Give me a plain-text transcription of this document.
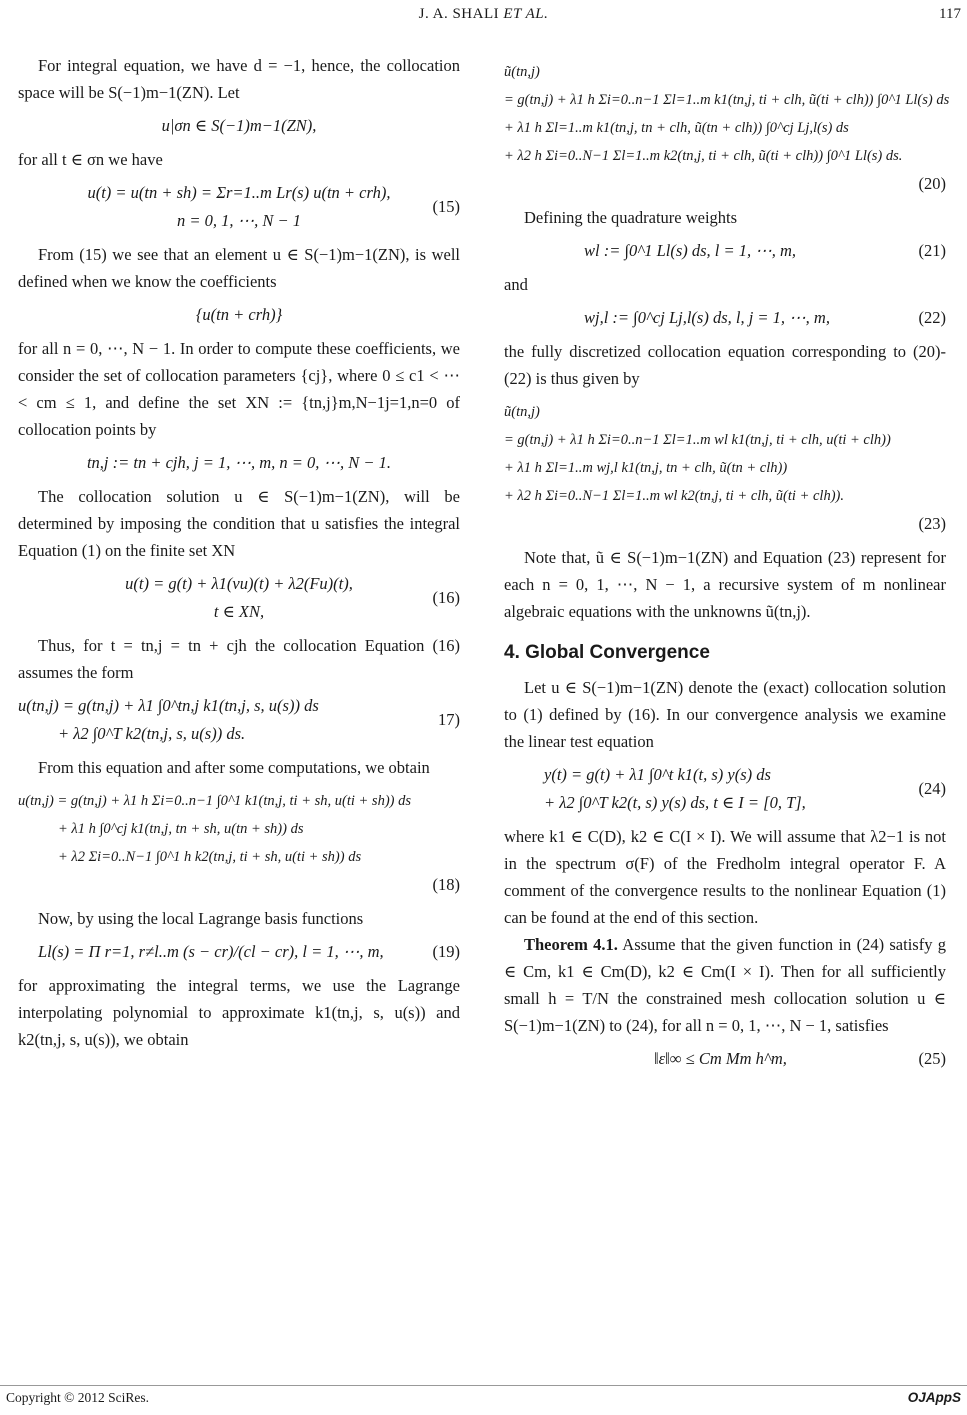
J. A. SHALI ET AL.	117

For integral equation, we have d = −1, hence, the collocation space will be S(−1)m−1(ZN). Let

u|σn ∈ S(−1)m−1(ZN),

for all t ∈ σn we have

u(t) = u(tn + sh) = Σr=1..m Lr(s) u(tn + crh),
n = 0, 1, ⋯, N − 1
(15)

From (15) we see that an element u ∈ S(−1)m−1(ZN), is well defined when we know the coefficients

{u(tn + crh)}

for all n = 0, ⋯, N − 1. In order to compute these coefficients, we consider the set of collocation parameters {cj}, where 0 ≤ c1 < ⋯ < cm ≤ 1, and define the set XN := {tn,j}m,N−1j=1,n=0 of collocation points by

tn,j := tn + cjh, j = 1, ⋯, m, n = 0, ⋯, N − 1.

The collocation solution u ∈ S(−1)m−1(ZN), will be determined by imposing the condition that u satisfies the integral Equation (1) on the finite set XN

u(t) = g(t) + λ1(νu)(t) + λ2(Fu)(t),
t ∈ XN,
(16)

Thus, for t = tn,j = tn + cjh the collocation Equation (16) assumes the form

u(tn,j) = g(tn,j) + λ1 ∫0^tn,j k1(tn,j, s, u(s)) ds
+ λ2 ∫0^T k2(tn,j, s, u(s)) ds.
17)

From this equation and after some computations, we obtain

u(tn,j) = g(tn,j) + λ1 h Σi=0..n−1 ∫0^1 k1(tn,j, ti + sh, u(ti + sh)) ds
+ λ1 h ∫0^cj k1(tn,j, tn + sh, u(tn + sh)) ds
+ λ2 Σi=0..N−1 ∫0^1 h k2(tn,j, ti + sh, u(ti + sh)) ds
(18)

Now, by using the local Lagrange basis functions

Ll(s) = Π r=1, r≠l..m (s − cr)/(cl − cr), l = 1, ⋯, m,	(19)

for approximating the integral terms, we use the Lagrange interpolating polynomial to approximate k1(tn,j, s, u(s)) and k2(tn,j, s, u(s)), we obtain

ũ(tn,j)
= g(tn,j) + λ1 h Σi=0..n−1 Σl=1..m k1(tn,j, ti + clh, ũ(ti + clh)) ∫0^1 Ll(s) ds
+ λ1 h Σl=1..m k1(tn,j, tn + clh, ũ(tn + clh)) ∫0^cj Lj,l(s) ds
+ λ2 h Σi=0..N−1 Σl=1..m k2(tn,j, ti + clh, ũ(ti + clh)) ∫0^1 Ll(s) ds.
(20)

Defining the quadrature weights

wl := ∫0^1 Ll(s) ds, l = 1, ⋯, m,	(21)

and

wj,l := ∫0^cj Lj,l(s) ds, l, j = 1, ⋯, m,	(22)

the fully discretized collocation equation corresponding to (20)-(22) is thus given by

ũ(tn,j)
= g(tn,j) + λ1 h Σi=0..n−1 Σl=1..m wl k1(tn,j, ti + clh, u(ti + clh))
+ λ1 h Σl=1..m wj,l k1(tn,j, tn + clh, ũ(tn + clh))
+ λ2 h Σi=0..N−1 Σl=1..m wl k2(tn,j, ti + clh, ũ(ti + clh)).
(23)

Note that, ũ ∈ S(−1)m−1(ZN) and Equation (23) represent for each n = 0, 1, ⋯, N − 1, a recursive system of m nonlinear algebraic equations with the unknowns ũ(tn,j).

4. Global Convergence

Let u ∈ S(−1)m−1(ZN) denote the (exact) collocation solution to (1) defined by (16). In our convergence analysis we examine the linear test equation

y(t) = g(t) + λ1 ∫0^t k1(t, s) y(s) ds
+ λ2 ∫0^T k2(t, s) y(s) ds, t ∈ I = [0, T],
(24)

where k1 ∈ C(D), k2 ∈ C(I × I). We will assume that λ2−1 is not in the spectrum σ(F) of the Fredholm integral operator F. A comment of the convergence results to the nonlinear Equation (1) can be found at the end of this section.

Theorem 4.1. Assume that the given function in (24) satisfy g ∈ Cm, k1 ∈ Cm(D), k2 ∈ Cm(I × I). Then for all sufficiently small h = T/N the constrained mesh collocation solution u ∈ S(−1)m−1(ZN) to (24), for all n = 0, 1, ⋯, N − 1, satisfies

‖ε‖∞ ≤ Cm Mm h^m,	(25)
Copyright © 2012 SciRes.	OJAppS
